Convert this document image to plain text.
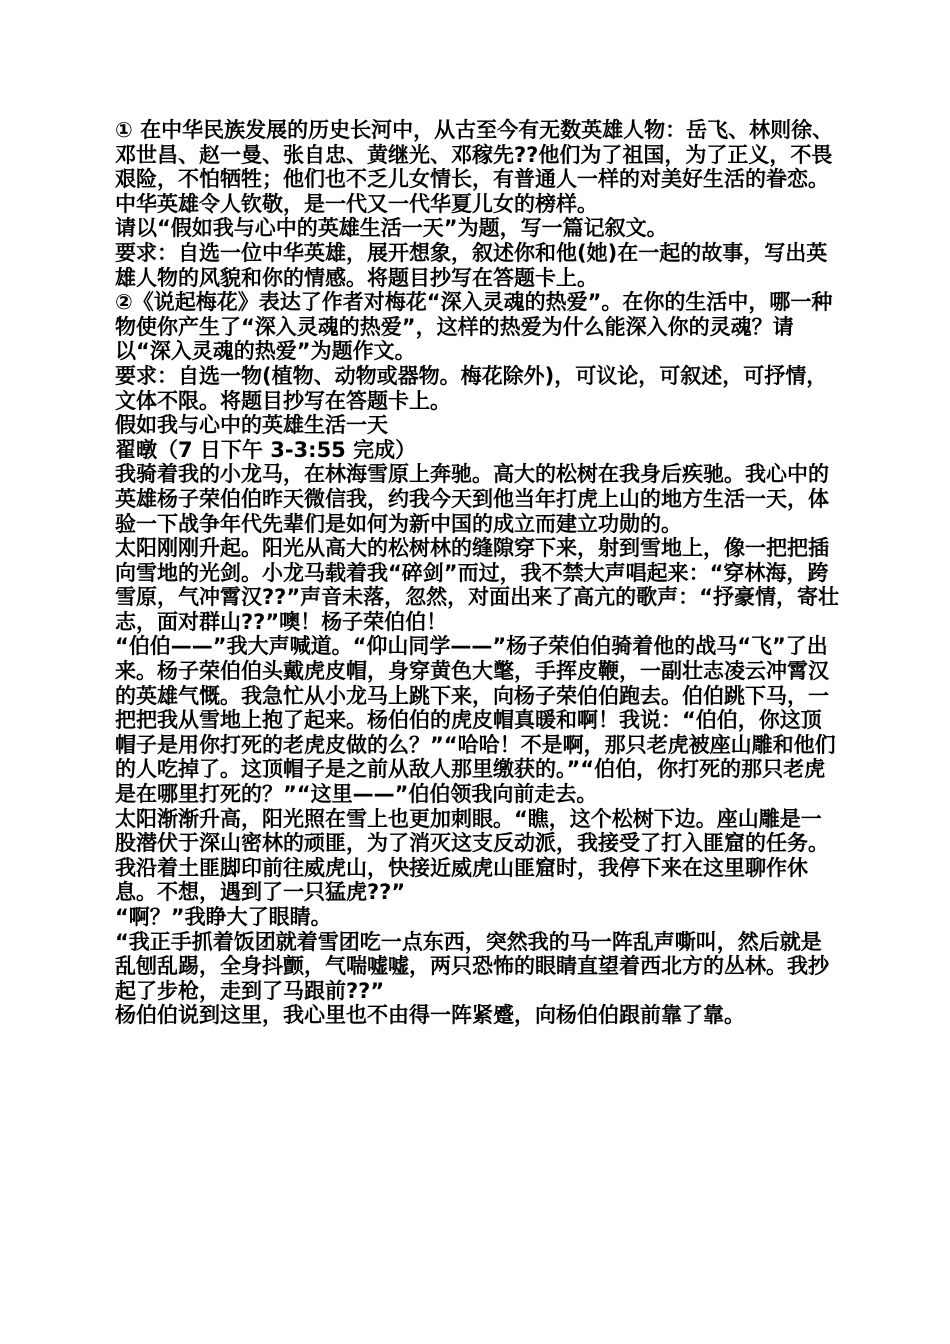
① 在中华民族发展的历史长河中，从古至今有无数英雄人物：岳飞、林则徐、邓世昌、赵一曼、张自忠、黄继光、邓稼先??他们为了祖国，为了正义，不畏艰险，不怕牺牲；他们也不乏儿女情长，有普通人一样的对美好生活的眷恋。中华英雄令人钦敬，是一代又一代华夏儿女的榜样。

请以“假如我与心中的英雄生活一天”为题，写一篇记叙文。

要求：自选一位中华英雄，展开想象，叙述你和他(她)在一起的故事，写出英雄人物的风貌和你的情感。将题目抄写在答题卡上。

②《说起梅花》表达了作者对梅花“深入灵魂的热爱”。在你的生活中，哪一种物使你产生了“深入灵魂的热爱”，这样的热爱为什么能深入你的灵魂？请以“深入灵魂的热爱”为题作文。

要求：自选一物(植物、动物或器物。梅花除外)，可议论，可叙述，可抒情，文体不限。将题目抄写在答题卡上。

假如我与心中的英雄生活一天

翟暾（7 日下午 3-3:55 完成）

我骑着我的小龙马，在林海雪原上奔驰。高大的松树在我身后疾驰。我心中的英雄杨子荣伯伯昨天微信我，约我今天到他当年打虎上山的地方生活一天，体验一下战争年代先辈们是如何为新中国的成立而建立功勋的。

太阳刚刚升起。阳光从高大的松树林的缝隙穿下来，射到雪地上，像一把把插向雪地的光剑。小龙马载着我“碎剑”而过，我不禁大声唱起来：“穿林海，跨雪原，气冲霄汉??”声音未落，忽然，对面出来了高亢的歌声：“抒豪情，寄壮志，面对群山??”噢！杨子荣伯伯！

“伯伯——”我大声喊道。“仰山同学——”杨子荣伯伯骑着他的战马“飞”了出来。杨子荣伯伯头戴虎皮帽，身穿黄色大氅，手挥皮鞭，一副壮志凌云冲霄汉的英雄气慨。我急忙从小龙马上跳下来，向杨子荣伯伯跑去。伯伯跳下马，一把把我从雪地上抱了起来。杨伯伯的虎皮帽真暖和啊！我说：“伯伯，你这顶帽子是用你打死的老虎皮做的么？”“哈哈！不是啊，那只老虎被座山雕和他们的人吃掉了。这顶帽子是之前从敌人那里缴获的。”“伯伯，你打死的那只老虎是在哪里打死的？”“这里——”伯伯领我向前走去。

太阳渐渐升高，阳光照在雪上也更加刺眼。“瞧，这个松树下边。座山雕是一股潜伏于深山密林的顽匪，为了消灭这支反动派，我接受了打入匪窟的任务。我沿着土匪脚印前往威虎山，快接近威虎山匪窟时，我停下来在这里聊作休息。不想，遇到了一只猛虎??”

“啊？”我睁大了眼睛。

“我正手抓着饭团就着雪团吃一点东西，突然我的马一阵乱声嘶叫，然后就是乱刨乱踢，全身抖颤，气喘嘘嘘，两只恐怖的眼睛直望着西北方的丛林。我抄起了步枪，走到了马跟前??”

杨伯伯说到这里，我心里也不由得一阵紧蹙，向杨伯伯跟前靠了靠。
